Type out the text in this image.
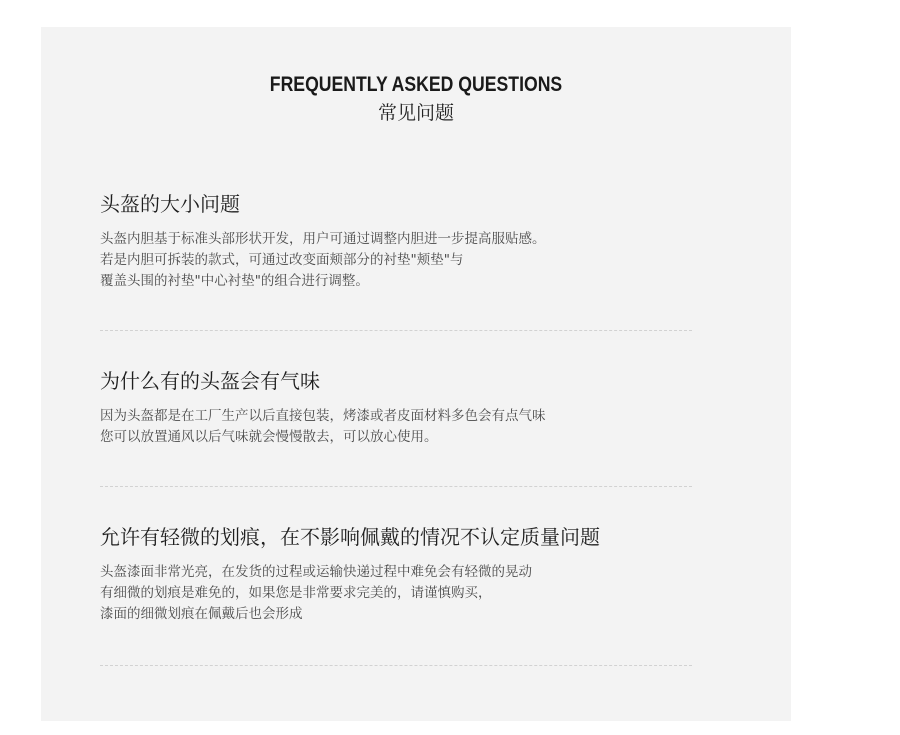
FREQUENTLY ASKED QUESTIONS
常见问题
头盔的大小问题
头盔内胆基于标准头部形状开发，用户可通过调整内胆进一步提高服贴感。
若是内胆可拆装的款式，可通过改变面颊部分的衬垫"颊垫"与
覆盖头围的衬垫"中心衬垫"的组合进行调整。
为什么有的头盔会有气味
因为头盔都是在工厂生产以后直接包装，烤漆或者皮面材料多色会有点气味
您可以放置通风以后气味就会慢慢散去，可以放心使用。
允许有轻微的划痕，在不影响佩戴的情况不认定质量问题
头盔漆面非常光亮，在发货的过程或运输快递过程中难免会有轻微的晃动
有细微的划痕是难免的，如果您是非常要求完美的，请谨慎购买，
漆面的细微划痕在佩戴后也会形成
